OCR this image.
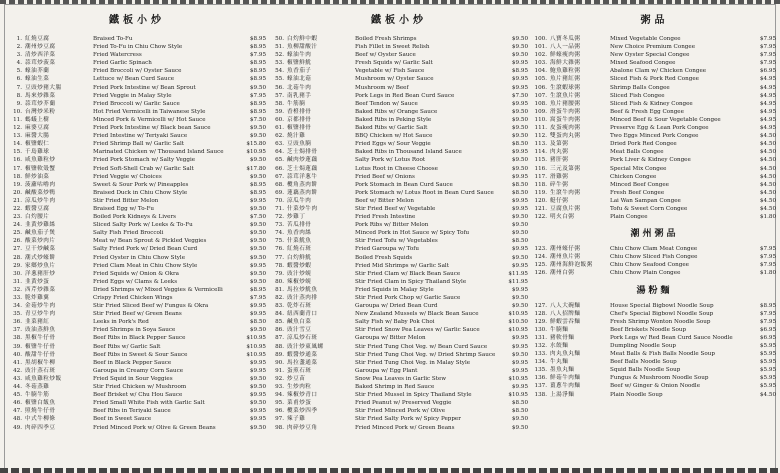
鐵板小炒
1. 紅燒豆腐	Braised To-Fu	$8.95
2. 潮州炒豆腐	Fried To-Fu in Chiu Chow Style	$8.95
3. 清炒西洋菜	Fried Watercress	$7.95
4. 蒜茸炒菠菜	Fried Garlic Spinach	$8.95
5. 蠔油芥蘭	Fried Broccoli w/ Oyster Sauce	$8.95
6. 蠔油生菜	Lettuce w/ Bean Curd Sauce	$8.95
7. 豆豉炒豬大腸	Fried Pork Intestine w/ Bean Sprout	$9.50
8. 馬來炒雜菜	Fried Veggie in Malay Style	$7.95
9. 蒜茸炒芥蘭	Fried Broccoli w/ Garlic Sauce	$8.95
10. 台灣炒米粉	Hot Fried Vermicelli in Taiwanese Style	$8.95
11. 螞蟻上樹	Minced Pork & Vermicelli w/ Hot Sauce	$7.50
12. 麻婆豆腐	Fried Pork Intestine w/ Black bean Sauce	$9.50
13. 麻醬大腸	Fried Intestine w/ Teriyaki Sauce	$9.50
14. 椒鹽蝦仁	Fried Shrimp Ball w/ Garlic Salt	$15.80
15. 千島雞球	Marinated Chicken w/ Thousand Island Sauce	$10.95
16. 咸魚雞粒炒	Fried Pork Stomach w/ Salty Veggie	$9.50
17. 椒鹽軟殼蟹	Fried Soft-Shell Crab w/ Garlic Salt	$17.80
18. 鮮炒油菜	Fried Veggie w/ Choices	$9.50
19. 菠蘿咕嚕肉	Sweet & Sour Pork w/ Pineapples	$8.95
20. 鹹酸菜炒鴨	Braised Duck in Chiu Chow Style	$8.95
21. 涼瓜炒牛肉	Stir Fried Bitter Melon	$9.95
22. 蝦醬豆腐	Braised Egg w/ To-Fu	$9.50
23. 白灼腰片	Boiled Pork Kidneys & Livers	$7.50
24. 韭黃炒雞絲	Sliced Salty Pork w/ Leeks & To-Fu	$9.50
25. 鹹魚茄子煲	Salty Fish Fried Broccoli	$9.50
26. 酸菜炒肉片	Meat w/ Bean Sprout & Pickled Veggies	$9.50
27. 豆干炒鹹菜	Salty Fried Pork w/ Dried Bean Curd	$9.50
28. 潮式炒蠔餅	Fried Oyster in Chiu Chow Style	$9.50
29. 家鄉炒魚片	Fried Clam Meat in Chiu Chow Style	$9.95
30. 洋葱豬肝炒	Fried Squids w/ Onion & Okra	$9.50
31. 韭黃炒蛋	Fried Eggs w/ Clams & Leeks	$9.50
32. 西芹炒雜菜	Dried Shrimps w/ Mixed Veggies & Vermicelli	$8.95
33. 脆炸雞翼	Crispy Fried Chicken Wings	$7.95
34. 金菇炒牛肉	Stir Fried Sliced Beef w/ Fungus & Okra	$9.95
35. 青豆炒牛肉	Stir Fried Beef w/ Green Beans	$9.95
36. 韭菜豬紅	Leeks in Pork's Red	$8.50
37. 豉油蒸鮮魚	Fried Shrimps in Soya Sauce	$9.50
38. 黑椒牛仔骨	Beef Ribs in Black Pepper Sauce	$10.95
39. 椒鹽牛仔骨	Beef Ribs w/ Garlic Salt	$10.95
40. 酸甜牛仔骨	Beef Ribs in Sweet & Sour Sauce	$10.95
41. 黑胡椒牛柳	Beef in Black Pepper Sauce	$9.95
42. 豉汁蒸石斑	Garoupa in Creamy Corn Sauce	$9.95
43. 咸魚雞粒炒飯	Fried Squid in Sour Veggies	$9.50
44. 冬菇蒸雞	Stir Fried Chicken w/ Mushroom	$9.50
45. 牛腩牛筋	Beef Brisket w/ Chu Hou Sauce	$9.95
46. 椒鹽白飯魚	Fried Small White Fish with Garlic Salt	$9.50
47. 照燒牛仔骨	Beef Ribs in Teriyaki Sauce	$9.95
48. 中式牛柳條	Beef in Sweet Sauce	$9.95
49. 肉碎四季豆	Fried Minced Pork w/ Olive & Green Beans	$9.50
鐵板小炒
50. 白灼鮮中蝦	Boiled Fresh Shrimps	$9.50
51. 魚柳甜酸汁	Fish Fillet in Sweet Relish	$9.50
52. 蠔油牛肉	Beef w/ Oyster Sauce	$9.50
53. 椒鹽鮮魷	Fresh Squids w/ Garlic Salt	$9.95
54. 魚香茄子	Vegetable w/ Fish Sauce	$8.95
55. 蠔油北菇	Mushroom w/ Oyster Sauce	$9.95
56. 北菇牛肉	Mushroom w/ Beef	$9.95
57. 南乳豬手	Pork Legs in Red Bean Curd Sauce	$7.50
58. 牛筋腩	Beef Tendon w/ Sauce	$9.95
59. 香橙排骨	Baked Ribs w/ Orange Sauce	$9.50
60. 京都排骨	Baked Ribs in Peking Style	$9.50
61. 椒鹽排骨	Baked Ribs w/ Garlic Salt	$9.50
62. 燒汁雞	BBQ Chicken w/ Hot Sauce	$9.50
63. 豆豉魚腩	Fried Eggs w/ Sour Veggie	$8.50
64. 芝士焗排骨	Baked Ribs in Thousand Island Sauce	$9.95
65. 鹹肉炒蓮藕	Salty Pork w/ Lotus Root	$9.50
66. 芝士焗蓮藕	Lotus Root in Cheese Choose	$9.50
67. 蒜茸洋葱牛	Fried Beef w/ Onions	$9.95
68. 欖角蒸肉餅	Pork Stomach in Bean Curd Sauce	$8.50
69. 蓮藕蒸肉餅	Pork Stomach w/ Lotus Root in Bean Curd Sauce	$8.50
70. 涼瓜牛肉	Beef w/ Bitter Melon	$9.95
71. 什菜炒牛肉	Stir Fried Beef w/ Vegetable	$9.95
72. 炒雞丁	Fried Fresh Intestine	$9.50
73. 苦瓜排骨	Pork Ribs w/ Bitter Melon	$9.50
74. 魚香肉絲	Minced Pork in Hot Sauce w/ Spicy Tofu	$9.50
75. 什菜魷魚	Stir Fried Tofu w/ Vegetables	$8.50
76. 紅燒石斑	Fried Garoupa w/ Tofu	$9.95
77. 白灼鮮魷	Boiled Fresh Squids	$9.50
78. 蝦醬炒蝦	Fried Mid Shrimps w/ Garlic Salt	$9.95
79. 豉汁炒蜆	Stir Fried Clam w/ Black Bean Sauce	$11.95
80. 辣椒炒蜆	Stir Fried Clam in Spicy Thailand Style	$11.95
81. 馬拉炒魷魚	Fried Squids in Malay Style	$9.95
82. 豉汁蒸肉排	Stir Fried Pork Chop w/ Garlic Sauce	$9.50
83. 乾炸石斑	Garoupa w/ Dried Bean Curd	$9.50
84. 紐西蘭青口	New Zealand Mussels w/ Black Bean Sauce	$10.95
85. 鹹魚白菜	Salty Fish w/ Baby Pok Choi	$10.50
86. 豉汁雪豆	Stir Fried Snow Pea Leaves w/ Garlic Sauce	$10.95
87. 涼瓜炒石斑	Garoupa w/ Bitter Melon	$9.95
88. 豉汁炒東風螺	Stir Fried Tung Choi Veg. w/ Bean Curd Sauce	$9.95
89. 蝦醬炒通菜	Stir Fried Tung Choi Veg. w/ Dried Shrimp Sauce	$9.50
90. 馬拉盞通菜	Stir Fried Tung Choi Veg. in Malay Style	$9.95
91. 蛋煎石斑	Garoupa w/ Egg Plant	$9.95
92. 炒豆苗	Snow Pea Leaves in Garlic Stew	$10.95
93. 生炒肉粒	Baked Shrimp in Red Sauce	$9.95
94. 辣椒炒青口	Stir Fried Mussel in Spicy Thailand Style	$10.95
95. 菜甫炒蛋	Fried Peanut w/ Preserved Veggie	$8.50
96. 欖菜炒四季	Stir Fried Minced Pork w/ Olive	$8.50
97. 辣子雞	Stir Fried Salty Pork w/ Spicy Pepper	$9.50
98. 肉碎炒豆角	Fried Minced Pork w/ Green Beans	$9.50
粥品
100. 八寶冬瓜粥	Mixed Vegetable Congee	$7.95
101. 八人一品粥	New Choice Premium Congee	$7.95
102. 鮮蠔瘦肉粥	New Oyster Special Congee	$7.95
103. 海鮮大雜粥	Mixed Seafood Congee	$7.95
104. 鮑魚雞粒粥	Abalone Clam w/ Chicken Congee	$6.95
105. 魚片豬紅粥	Sliced Fish & Pork Red Congee	$4.95
106. 生滾蝦球粥	Shrimp Balls Congee	$4.95
107. 生滾魚片粥	Sliced Fish Congee	$4.95
108. 魚片豬腰粥	Sliced Fish & Kidney Congee	$4.95
109. 滑蛋牛肉粥	Beef & Fresh Egg Congee	$4.95
110. 窩蛋牛肉粥	Minced Beef & Sour Vegetable Congee	$4.95
111. 皮蛋瘦肉粥	Preserve Egg & Lean Pork Congee	$4.95
112. 雙蛋肉丸粥	Two Eggs Minced Pork Congee	$4.50
113. 及第粥	Dried Pork Red Congee	$4.50
114. 肉丸粥	Meat Balls Congee	$4.50
115. 豬肝粥	Pork Liver & Kidney Congee	$4.50
116. 三元及第粥	Special Mix Congee	$4.50
117. 滑雞粥	Chicken Congee	$4.50
118. 碎牛粥	Minced Beef Congee	$4.50
119. 生滾牛肉粥	Fresh Beef Congee	$4.50
120. 艇仔粥	Lai Wan Sampan Congee	$4.50
121. 豆腐魚片粥	Tofu & Sweet Corn Congee	$4.50
122. 明火白粥	Plain Congee	$1.80
潮州粥品
123. 潮州蠔仔粥	Chiu Chow Clam Meat Congee	$7.95
124. 潮州魚片粥	Chiu Chow Sliced Fish Congee	$7.95
125. 潮州海鮮泡飯粥	Chiu Chow Seafood Congee	$7.95
126. 潮州白粥	Chiu Chow Plain Congee	$1.80
湯粉麵
127. 八人大碗麵	House Special Bigbowl Noodle Soup	$8.95
128. 八人招牌麵	Chef's Special Bigbowl Noodle Soup	$7.95
129. 鮮蝦雲吞麵	Fresh Shrimp Wonton Noodle Soup	$7.95
130. 牛腩麵	Beef Briskets Noodle Soup	$6.95
131. 豬軟骨麵	Pork Legs w/ Red Bean Curd Sauce Noodle	$6.95
132. 水餃麵	Dumpling Noodle Soup	$5.95
133. 肉丸魚丸麵	Meat Balls & Fish Balls Noodle Soup	$5.95
134. 牛丸麵	Beef Balls Noodle Soup	$5.95
135. 墨魚丸麵	Squid Balls Noodle Soup	$5.95
136. 鮮菇牛肉麵	Fungus & Mushroom Noodle Soup	$5.95
137. 薑蔥牛肉麵	Beef w/ Ginger & Onion Noodle	$5.95
138. 上湯淨麵	Plain Noodle Soup	$4.50
